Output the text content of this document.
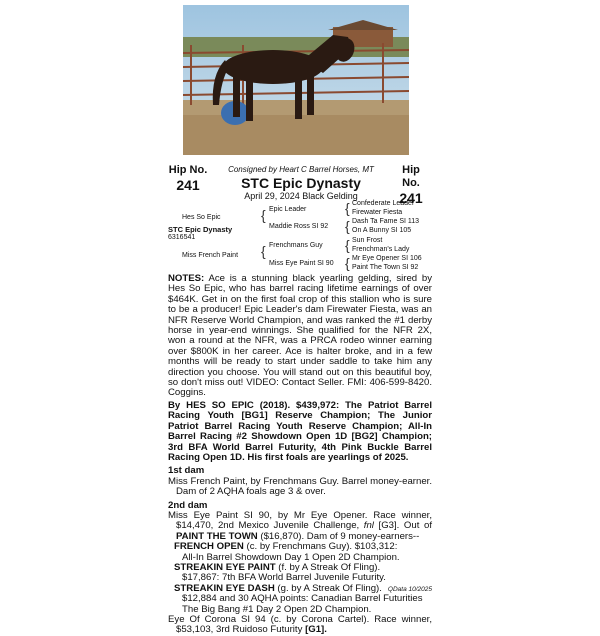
Hip No.
241
Hip No.
241
Consigned by Heart C Barrel Horses, MT
STC Epic Dynasty
April 29, 2024 Black Gelding
Hes So Epic
STC Epic Dynasty
6316541
Miss French Paint
{ Epic Leader
Maddie Ross SI 92
{ Frenchmans Guy
Miss Eye Paint SI 90
{ Confederate Leader
Firewater Fiesta
{ Dash Ta Fame SI 113
On A Bunny SI 105
{ Sun Frost
Frenchman's Lady
{ Mr Eye Opener SI 106
Paint The Town SI 92

NOTES: Ace is a stunning black yearling gelding, sired by Hes So Epic, who has barrel racing lifetime earnings of over $464K. Get in on the first foal crop of this stallion who is sure to be a producer! Epic Leader's dam Firewater Fiesta, was an NFR Reserve World Champion, and was ranked the #1 derby horse in year-end winnings. She qualified for the NFR 2X, won a round at the NFR, was a PRCA rodeo winner earning over $800K in her career. Ace is halter broke, and in a few months will be ready to start under saddle to take him any direction you choose. You will stand out on this beautiful boy, so don't miss out! VIDEO: Contact Seller. FMI: 406-599-8420. Coggins.

By HES SO EPIC (2018). $439,972: The Patriot Barrel Racing Youth [BG1] Reserve Champion; The Junior Patriot Barrel Racing Youth Reserve Champion; All-In Barrel Racing #2 Showdown Open 1D [BG2] Champion; 3rd BFA World Barrel Futurity, 4th Pink Buckle Barrel Racing Open 1D. His first foals are yearlings of 2025.

1st dam

Miss French Paint, by Frenchmans Guy. Barrel money-earner. Dam of 2 AQHA foals age 3 & over.

2nd dam

Miss Eye Paint SI 90, by Mr Eye Opener. Race winner, $14,470, 2nd Mexico Juvenile Challenge, fnl [G3]. Out of PAINT THE TOWN ($16,870). Dam of 9 money-earners--

FRENCH OPEN (c. by Frenchmans Guy). $103,312:
All-In Barrel Showdown Day 1 Open 2D Champion.
STREAKIN EYE PAINT (f. by A Streak Of Fling).
$17,867: 7th BFA World Barrel Juvenile Futurity.
STREAKIN EYE DASH (g. by A Streak Of Fling).
$12,884 and 30 AQHA points: Canadian Barrel Futurities The Big Bang #1 Day 2 Open 2D Champion.

Eye Of Corona SI 94 (c. by Corona Cartel). Race winner, $53,103, 3rd Ruidoso Futurity [G1].

QData 10/2025
